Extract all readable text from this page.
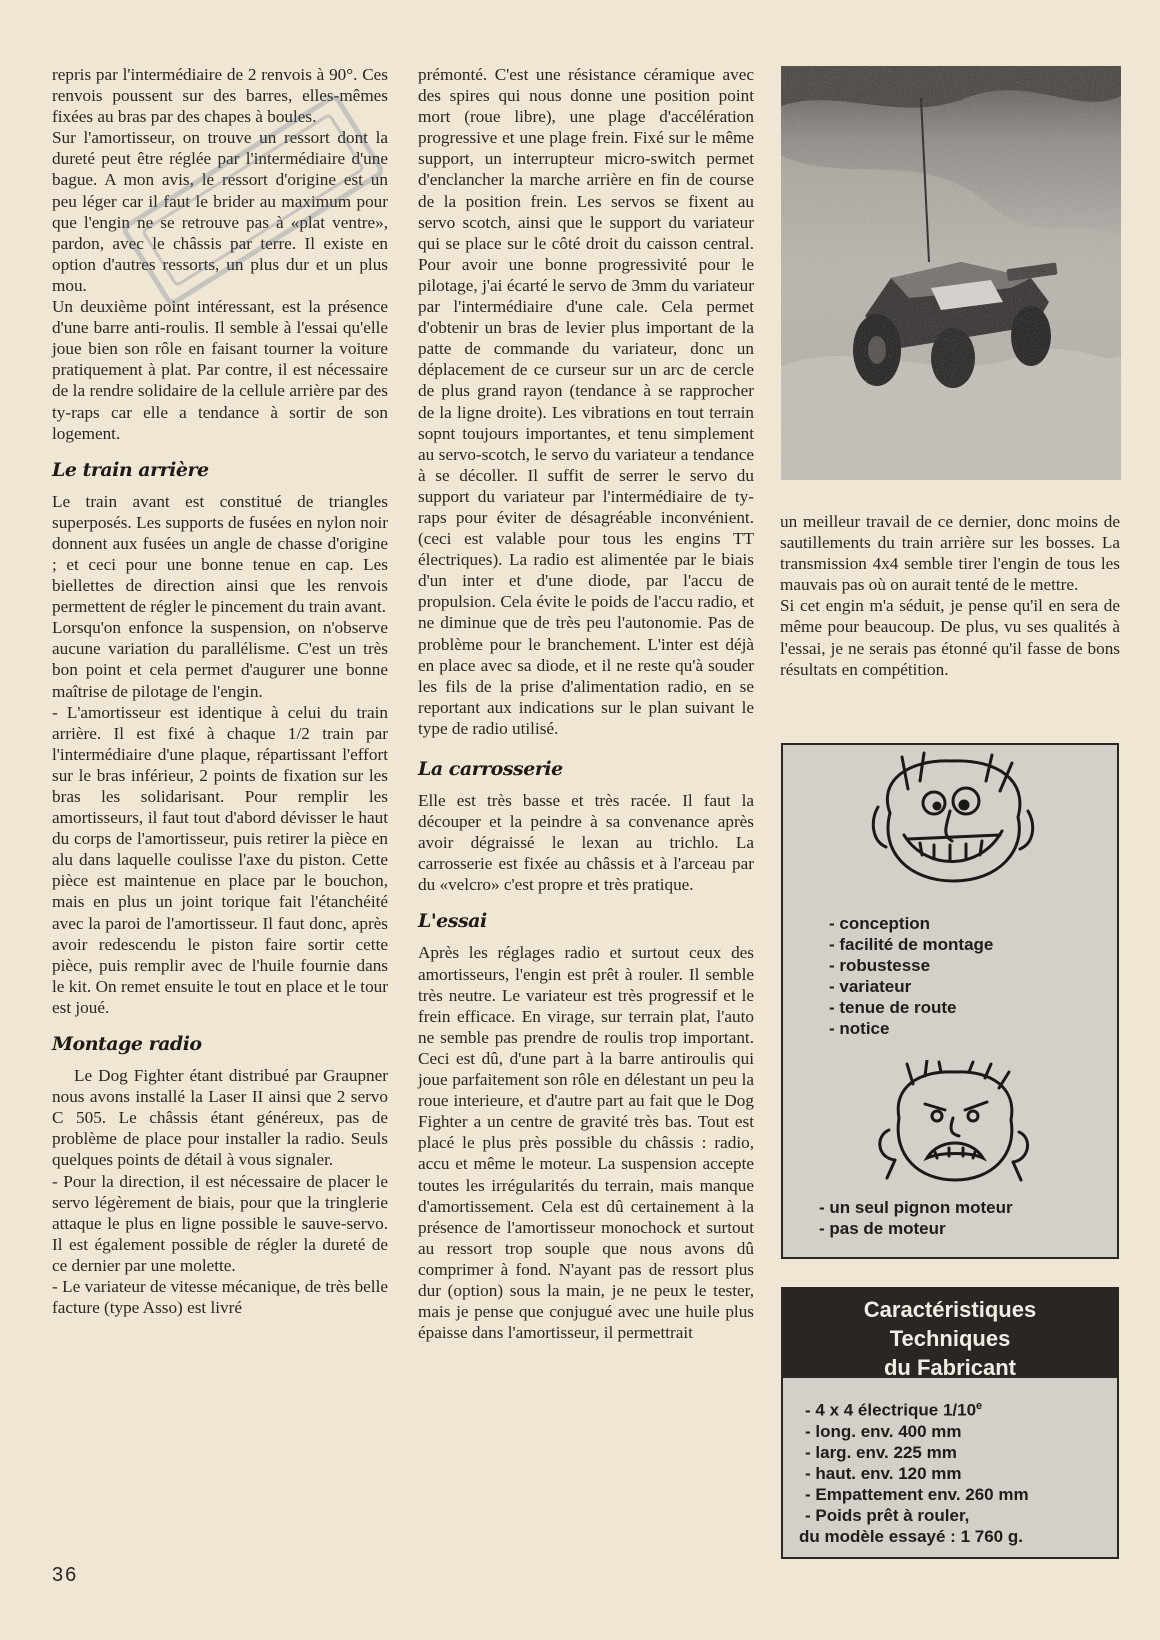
repris par l'intermédiaire de 2 renvois à 90°. Ces renvois poussent sur des barres, elles-mêmes fixées au bras par des chapes à boules.

Sur l'amortisseur, on trouve un ressort dont la dureté peut être réglée par l'intermédiaire d'une bague. A mon avis, le ressort d'origine est un peu léger car il faut le brider au maximum pour que l'engin ne se retrouve pas à «plat ventre», pardon, avec le châssis par terre. Il existe en option d'autres ressorts, un plus dur et un plus mou.

Un deuxième point intéressant, est la présence d'une barre anti-roulis. Il semble à l'essai qu'elle joue bien son rôle en faisant tourner la voiture pratiquement à plat. Par contre, il est nécessaire de la rendre solidaire de la cellule arrière par des ty-raps car elle a tendance à sortir de son logement.

Le train arrière

Le train avant est constitué de triangles superposés. Les supports de fusées en nylon noir donnent aux fusées un angle de chasse d'origine ; et ceci pour une bonne tenue en cap. Les biellettes de direction ainsi que les renvois permettent de régler le pincement du train avant.

Lorsqu'on enfonce la suspension, on n'observe aucune variation du parallélisme. C'est un très bon point et cela permet d'augurer une bonne maîtrise de pilotage de l'engin.

- L'amortisseur est identique à celui du train arrière. Il est fixé à chaque 1/2 train par l'intermédiaire d'une plaque, répartissant l'effort sur le bras inférieur, 2 points de fixation sur les bras les solidarisant. Pour remplir les amortisseurs, il faut tout d'abord dévisser le haut du corps de l'amortisseur, puis retirer la pièce en alu dans laquelle coulisse l'axe du piston. Cette pièce est maintenue en place par le bouchon, mais en plus un joint torique fait l'étanchéité avec la paroi de l'amortisseur. Il faut donc, après avoir redescendu le piston faire sortir cette pièce, puis remplir avec de l'huile fournie dans le kit. On remet ensuite le tout en place et le tour est joué.

Montage radio

Le Dog Fighter étant distribué par Graupner nous avons installé la Laser II ainsi que 2 servo C 505. Le châssis étant généreux, pas de problème de place pour installer la radio. Seuls quelques points de détail à vous signaler.

- Pour la direction, il est nécessaire de placer le servo légèrement de biais, pour que la tringlerie attaque le plus en ligne possible le sauve-servo. Il est également possible de régler la dureté de ce dernier par une molette.

- Le variateur de vitesse mécanique, de très belle facture (type Asso) est livré

prémonté. C'est une résistance céramique avec des spires qui nous donne une position point mort (roue libre), une plage d'accélération progressive et une plage frein. Fixé sur le même support, un interrupteur micro-switch permet d'enclancher la marche arrière en fin de course de la position frein. Les servos se fixent au servo scotch, ainsi que le support du variateur qui se place sur le côté droit du caisson central. Pour avoir une bonne progressivité pour le pilotage, j'ai écarté le servo de 3mm du variateur par l'intermédiaire d'une cale. Cela permet d'obtenir un bras de levier plus important de la patte de commande du variateur, donc un déplacement de ce curseur sur un arc de cercle de plus grand rayon (tendance à se rapprocher de la ligne droite). Les vibrations en tout terrain sopnt toujours importantes, et tenu simplement au servo-scotch, le servo du variateur a tendance à se décoller. Il suffit de serrer le servo du support du variateur par l'intermédiaire de ty-raps pour éviter de désagréable inconvénient. (ceci est valable pour tous les engins TT électriques). La radio est alimentée par le biais d'un inter et d'une diode, par l'accu de propulsion. Cela évite le poids de l'accu radio, et ne diminue que de très peu l'autonomie. Pas de problème pour le branchement. L'inter est déjà en place avec sa diode, et il ne reste qu'à souder les fils de la prise d'alimentation radio, en se reportant aux indications sur le plan suivant le type de radio utilisé.

La carrosserie

Elle est très basse et très racée. Il faut la découper et la peindre à sa convenance après avoir dégraissé le lexan au trichlo. La carrosserie est fixée au châssis et à l'arceau par du «velcro» c'est propre et très pratique.

L'essai

Après les réglages radio et surtout ceux des amortisseurs, l'engin est prêt à rouler. Il semble très neutre. Le variateur est très progressif et le frein efficace. En virage, sur terrain plat, l'auto ne semble pas prendre de roulis trop important. Ceci est dû, d'une part à la barre antiroulis qui joue parfaitement son rôle en délestant un peu la roue interieure, et d'autre part au fait que le Dog Fighter a un centre de gravité très bas. Tout est placé le plus près possible du châssis : radio, accu et même le moteur. La suspension accepte toutes les irrégularités du terrain, mais manque d'amortissement. Cela est dû certainement à la présence de l'amortisseur monochock et surtout au ressort trop souple que nous avons dû comprimer à fond. N'ayant pas de ressort plus dur (option) sous la main, je ne peux le tester, mais je pense que conjugué avec une huile plus épaisse dans l'amortisseur, il permettrait

un meilleur travail de ce dernier, donc moins de sautillements du train arrière sur les bosses. La transmission 4x4 semble tirer l'engin de tous les mauvais pas où on aurait tenté de le mettre.

Si cet engin m'a séduit, je pense qu'il en sera de même pour beaucoup. De plus, vu ses qualités à l'essai, je ne serais pas étonné qu'il fasse de bons résultats en compétition.

- conception
- facilité de montage
- robustesse
- variateur
- tenue de route
- notice
- un seul pignon moteur
- pas de moteur
Caractéristiques
Techniques
du Fabricant
- 4 x 4 électrique 1/10e
- long. env. 400 mm
- larg. env. 225 mm
- haut. env. 120 mm
- Empattement env. 260 mm
- Poids prêt à rouler,
du modèle essayé : 1 760 g.
36
